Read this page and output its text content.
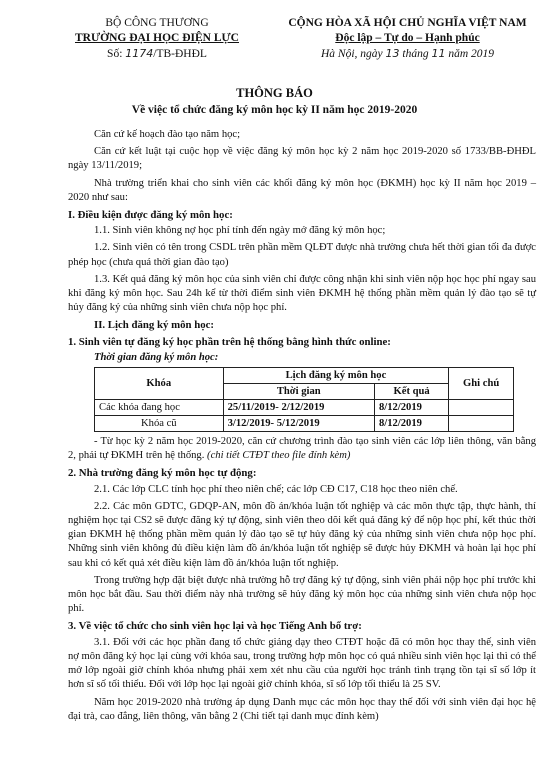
BỘ CÔNG THƯƠNG
TRƯỜNG ĐẠI HỌC ĐIỆN LỰC
Số: 1174/TB-ĐHĐL
CỘNG HÒA XÃ HỘI CHỦ NGHĨA VIỆT NAM
Độc lập – Tự do – Hạnh phúc
Hà Nội, ngày 13 tháng 11 năm 2019
THÔNG BÁO
Về việc tổ chức đăng ký môn học kỳ II năm học 2019-2020

Căn cứ kế hoạch đào tạo năm học;

Căn cứ kết luật tại cuộc họp về việc đăng ký môn học kỳ 2 năm học 2019-2020 số 1733/BB-ĐHĐL ngày 13/11/2019;

Nhà trường triển khai cho sinh viên các khối đăng ký môn học (ĐKMH) học kỳ II năm học 2019 – 2020 như sau:

I. Điều kiện được đăng ký môn học:

1.1. Sinh viên không nợ học phí tính đến ngày mở đăng ký môn học;

1.2. Sinh viên có tên trong CSDL trên phần mềm QLĐT được nhà trường chưa hết thời gian tối đa được phép học (chưa quá thời gian đào tạo)

1.3. Kết quả đăng ký môn học của sinh viên chỉ được công nhận khi sinh viên nộp học học phí ngay sau khi đăng ký môn học. Sau 24h kể từ thời điểm sinh viên ĐKMH hệ thống phần mềm quản lý đào tạo sẽ tự hủy đăng ký của những sinh viên chưa nộp học phí.

II. Lịch đăng ký môn học:
1. Sinh viên tự đăng ký học phần trên hệ thống bằng hình thức online:

Thời gian đăng ký môn học:

Khóa	Lịch đăng ký môn học		Ghi chú
	Thời gian	Kết quả	
Các khóa đang học	25/11/2019- 2/12/2019	8/12/2019	
Khóa cũ	3/12/2019- 5/12/2019	8/12/2019	

- Từ học kỳ 2 năm học 2019-2020, căn cứ chương trình đào tạo sinh viên các lớp liên thông, văn bằng 2, phải tự ĐKMH trên hệ thống. (chi tiết CTĐT theo file đính kèm)

2. Nhà trường đăng ký môn học tự động:

2.1. Các lớp CLC tính học phí theo niên chế; các lớp CĐ C17, C18 học theo niên chế.

2.2. Các môn GDTC, GDQP-AN, môn đồ án/khóa luận tốt nghiệp và các môn thực tập, thực hành, thí nghiệm học tại CS2 sẽ được đăng ký tự động, sinh viên theo dõi kết quả đăng ký để nộp học phí, kết thúc thời gian ĐKMH hệ thống phần mềm quản lý đào tạo sẽ tự hủy đăng ký của những sinh viên chưa nộp học phí. Những sinh viên không đủ điều kiện làm đồ án/khóa luận tốt nghiệp sẽ được hủy ĐKMH và hoàn lại học phí sau khi có kết quả xét điều kiện làm đồ án/khóa luận tốt nghiệp.

Trong trường hợp đặt biệt được nhà trường hỗ trợ đăng ký tự động, sinh viên phải nộp học phí trước khi môn học bắt đầu. Sau thời điểm này nhà trường sẽ hủy đăng ký môn học của những sinh viên chưa nộp học phí.

3. Về việc tổ chức cho sinh viên học lại và học Tiếng Anh bổ trợ:

3.1. Đối với các học phần đang tổ chức giảng dạy theo CTĐT hoặc đã có môn học thay thế, sinh viên nợ môn đăng ký học lại cùng với khóa sau, trong trường hợp môn học có quá nhiều sinh viên học lại thì có thể mở lớp ngoài giờ chính khóa nhưng phải xem xét nhu cầu của người học tránh tình trạng tồn tại sĩ số lớp ít hơn sĩ số tối thiểu. Đối với lớp học lại ngoài giờ chính khóa, sĩ số lớp tối thiểu là 25 SV.

Năm học 2019-2020 nhà trường áp dụng Danh mục các môn học thay thế đối với sinh viên đại học hệ đại trà, cao đẳng, liên thông, văn bằng 2 (Chi tiết tại danh mục đính kèm)
